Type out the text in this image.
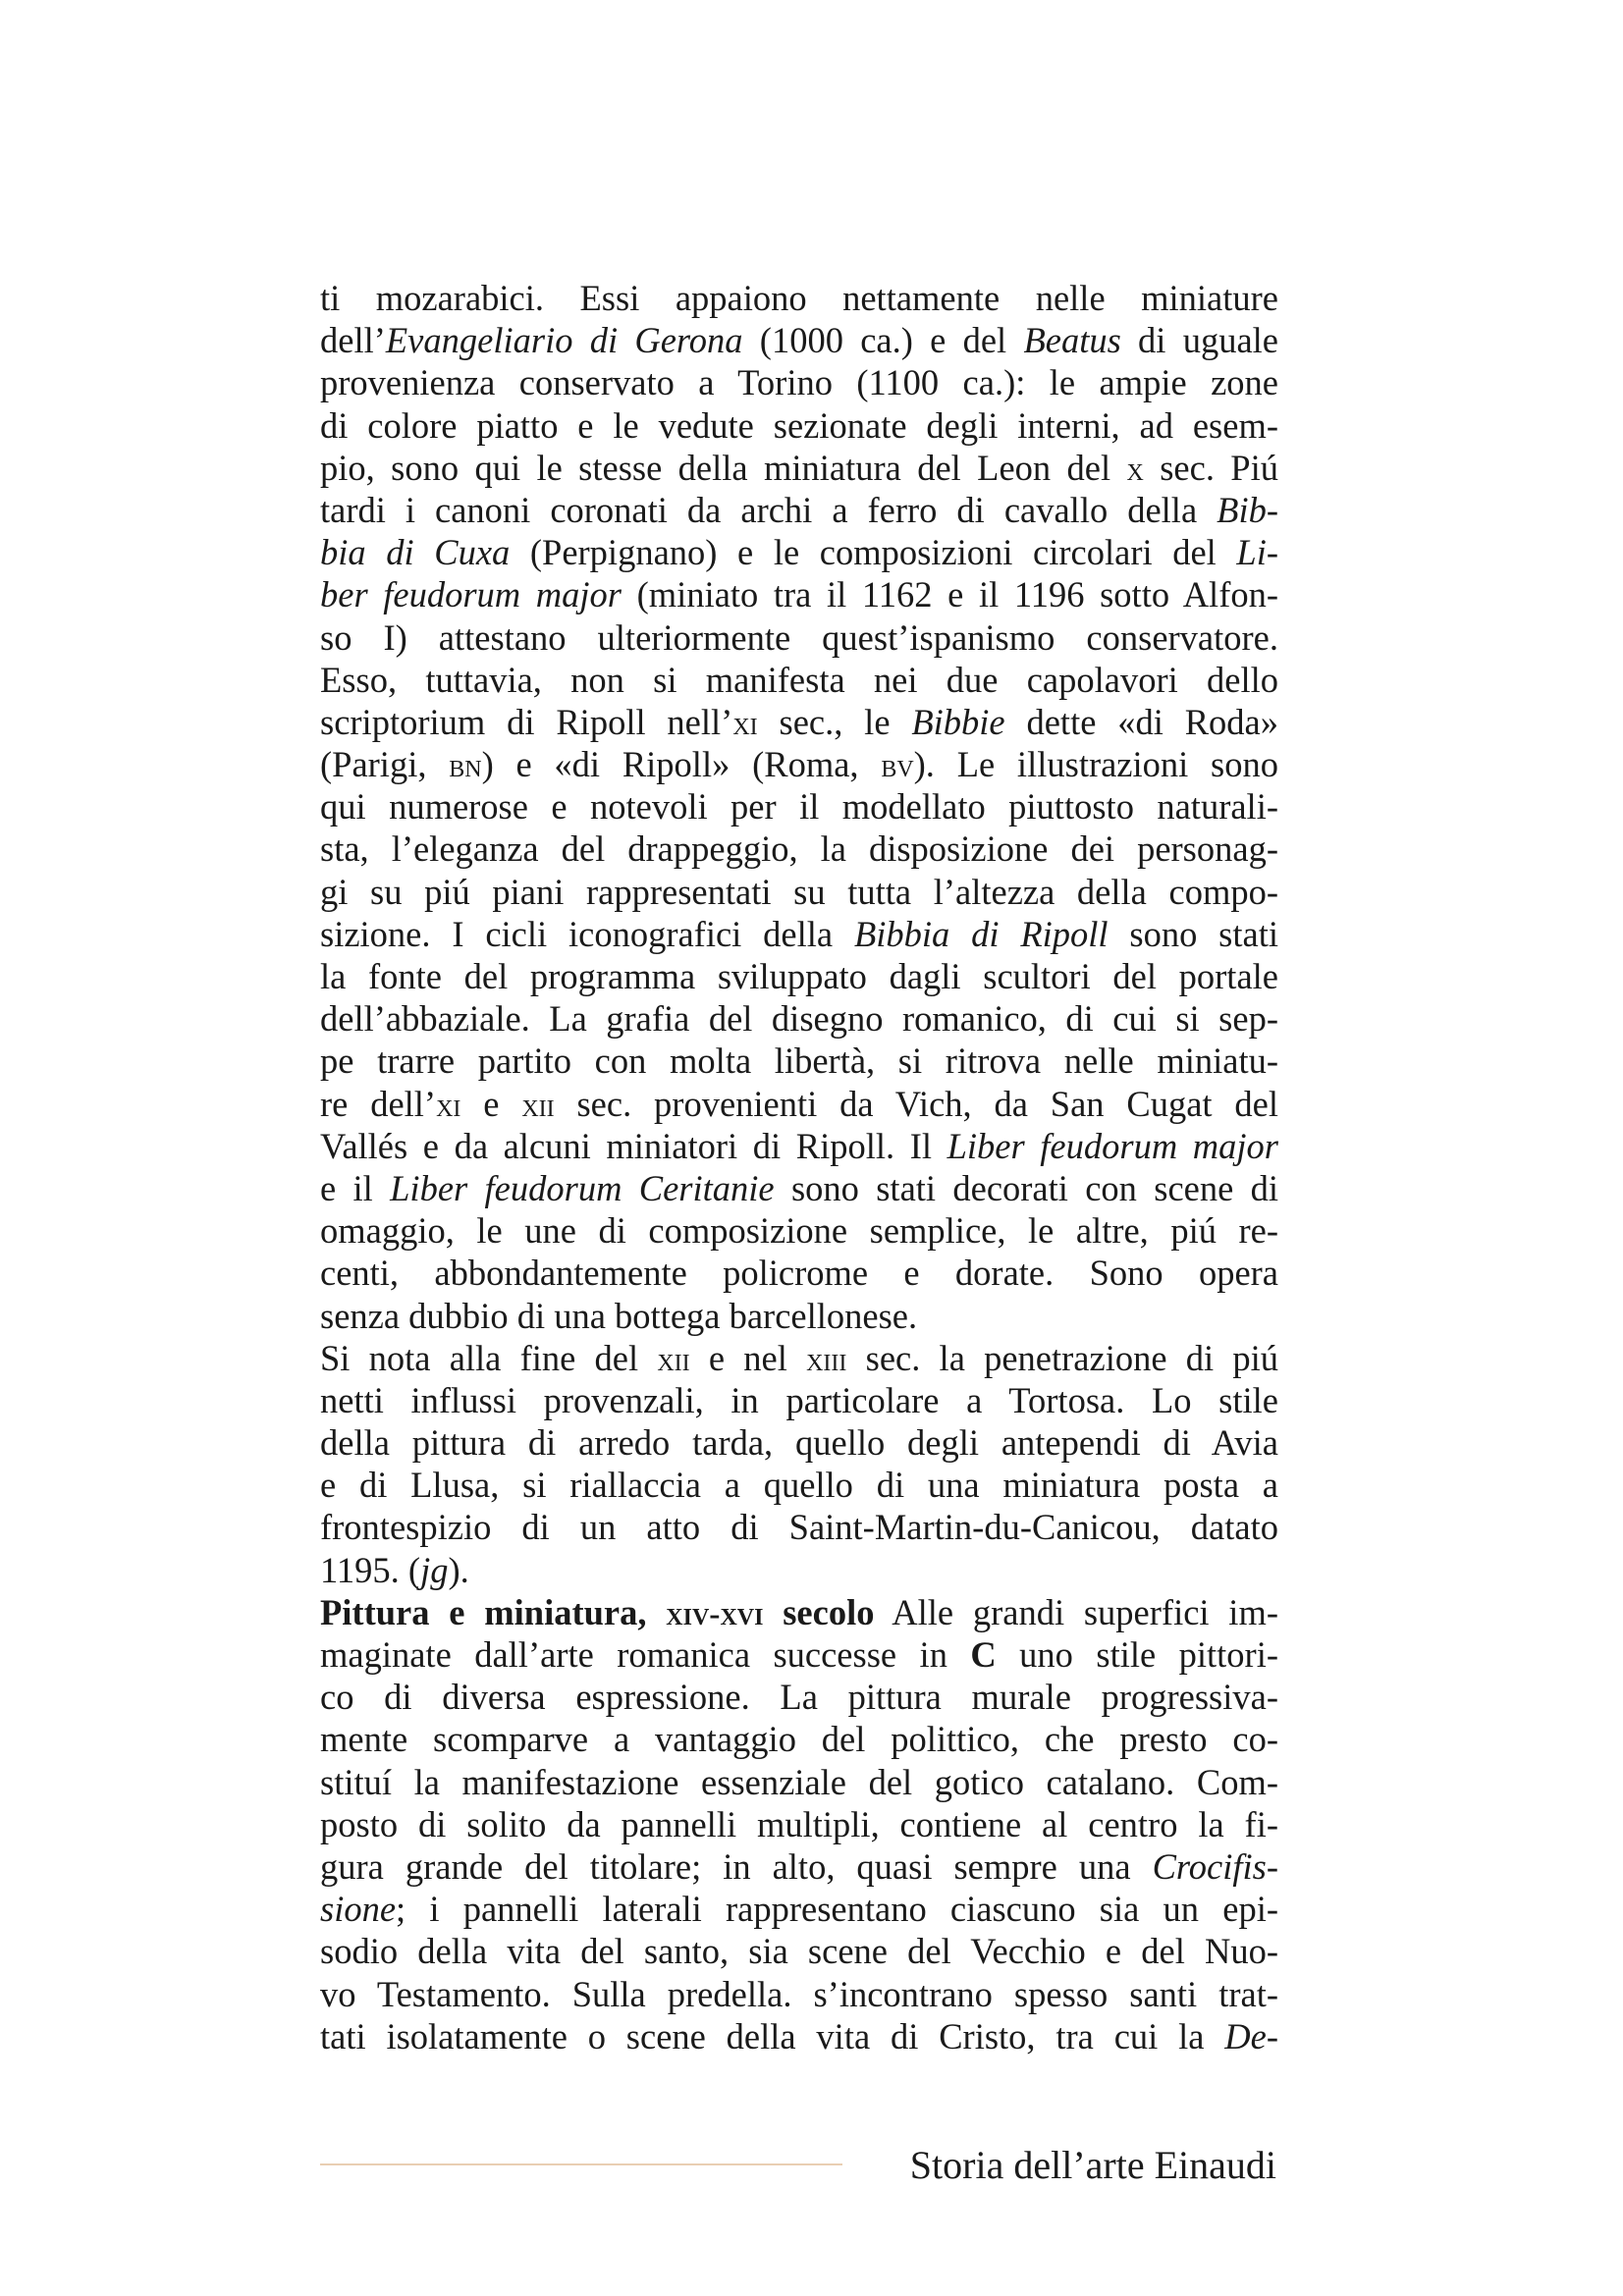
ti mozarabici. Essi appaiono nettamente nelle miniature
dell’Evangeliario di Gerona (1000 ca.) e del Beatus di uguale
provenienza conservato a Torino (1100 ca.): le ampie zone
di colore piatto e le vedute sezionate degli interni, ad esem-
pio, sono qui le stesse della miniatura del Leon del x sec. Piú
tardi i canoni coronati da archi a ferro di cavallo della Bib-
bia di Cuxa (Perpignano) e le composizioni circolari del Li-
ber feudorum major (miniato tra il 1162 e il 1196 sotto Alfon-
so I) attestano ulteriormente quest’ispanismo conservatore.
Esso, tuttavia, non si manifesta nei due capolavori dello
scriptorium di Ripoll nell’xi sec., le Bibbie dette «di Roda»
(Parigi, bn) e «di Ripoll» (Roma, bv). Le illustrazioni sono
qui numerose e notevoli per il modellato piuttosto naturali-
sta, l’eleganza del drappeggio, la disposizione dei personag-
gi su piú piani rappresentati su tutta l’altezza della compo-
sizione. I cicli iconografici della Bibbia di Ripoll sono stati
la fonte del programma sviluppato dagli scultori del portale
dell’abbaziale. La grafia del disegno romanico, di cui si sep-
pe trarre partito con molta libertà, si ritrova nelle miniatu-
re dell’xi e xii sec. provenienti da Vich, da San Cugat del
Vallés e da alcuni miniatori di Ripoll. Il Liber feudorum major
e il Liber feudorum Ceritanie sono stati decorati con scene di
omaggio, le une di composizione semplice, le altre, piú re-
centi, abbondantemente policrome e dorate. Sono opera
senza dubbio di una bottega barcellonese.
Si nota alla fine del xii e nel xiii sec. la penetrazione di piú
netti influssi provenzali, in particolare a Tortosa. Lo stile
della pittura di arredo tarda, quello degli antependi di Avia
e di Llusa, si riallaccia a quello di una miniatura posta a
frontespizio di un atto di Saint-Martin-du-Canicou, datato
1195. (jg).
Pittura e miniatura, xiv-xvi secolo Alle grandi superfici im-
maginate dall’arte romanica successe in C uno stile pittori-
co di diversa espressione. La pittura murale progressiva-
mente scomparve a vantaggio del polittico, che presto co-
stituí la manifestazione essenziale del gotico catalano. Com-
posto di solito da pannelli multipli, contiene al centro la fi-
gura grande del titolare; in alto, quasi sempre una Crocifis-
sione; i pannelli laterali rappresentano ciascuno sia un epi-
sodio della vita del santo, sia scene del Vecchio e del Nuo-
vo Testamento. Sulla predella. s’incontrano spesso santi trat-
tati isolatamente o scene della vita di Cristo, tra cui la De-
Storia dell’arte Einaudi
